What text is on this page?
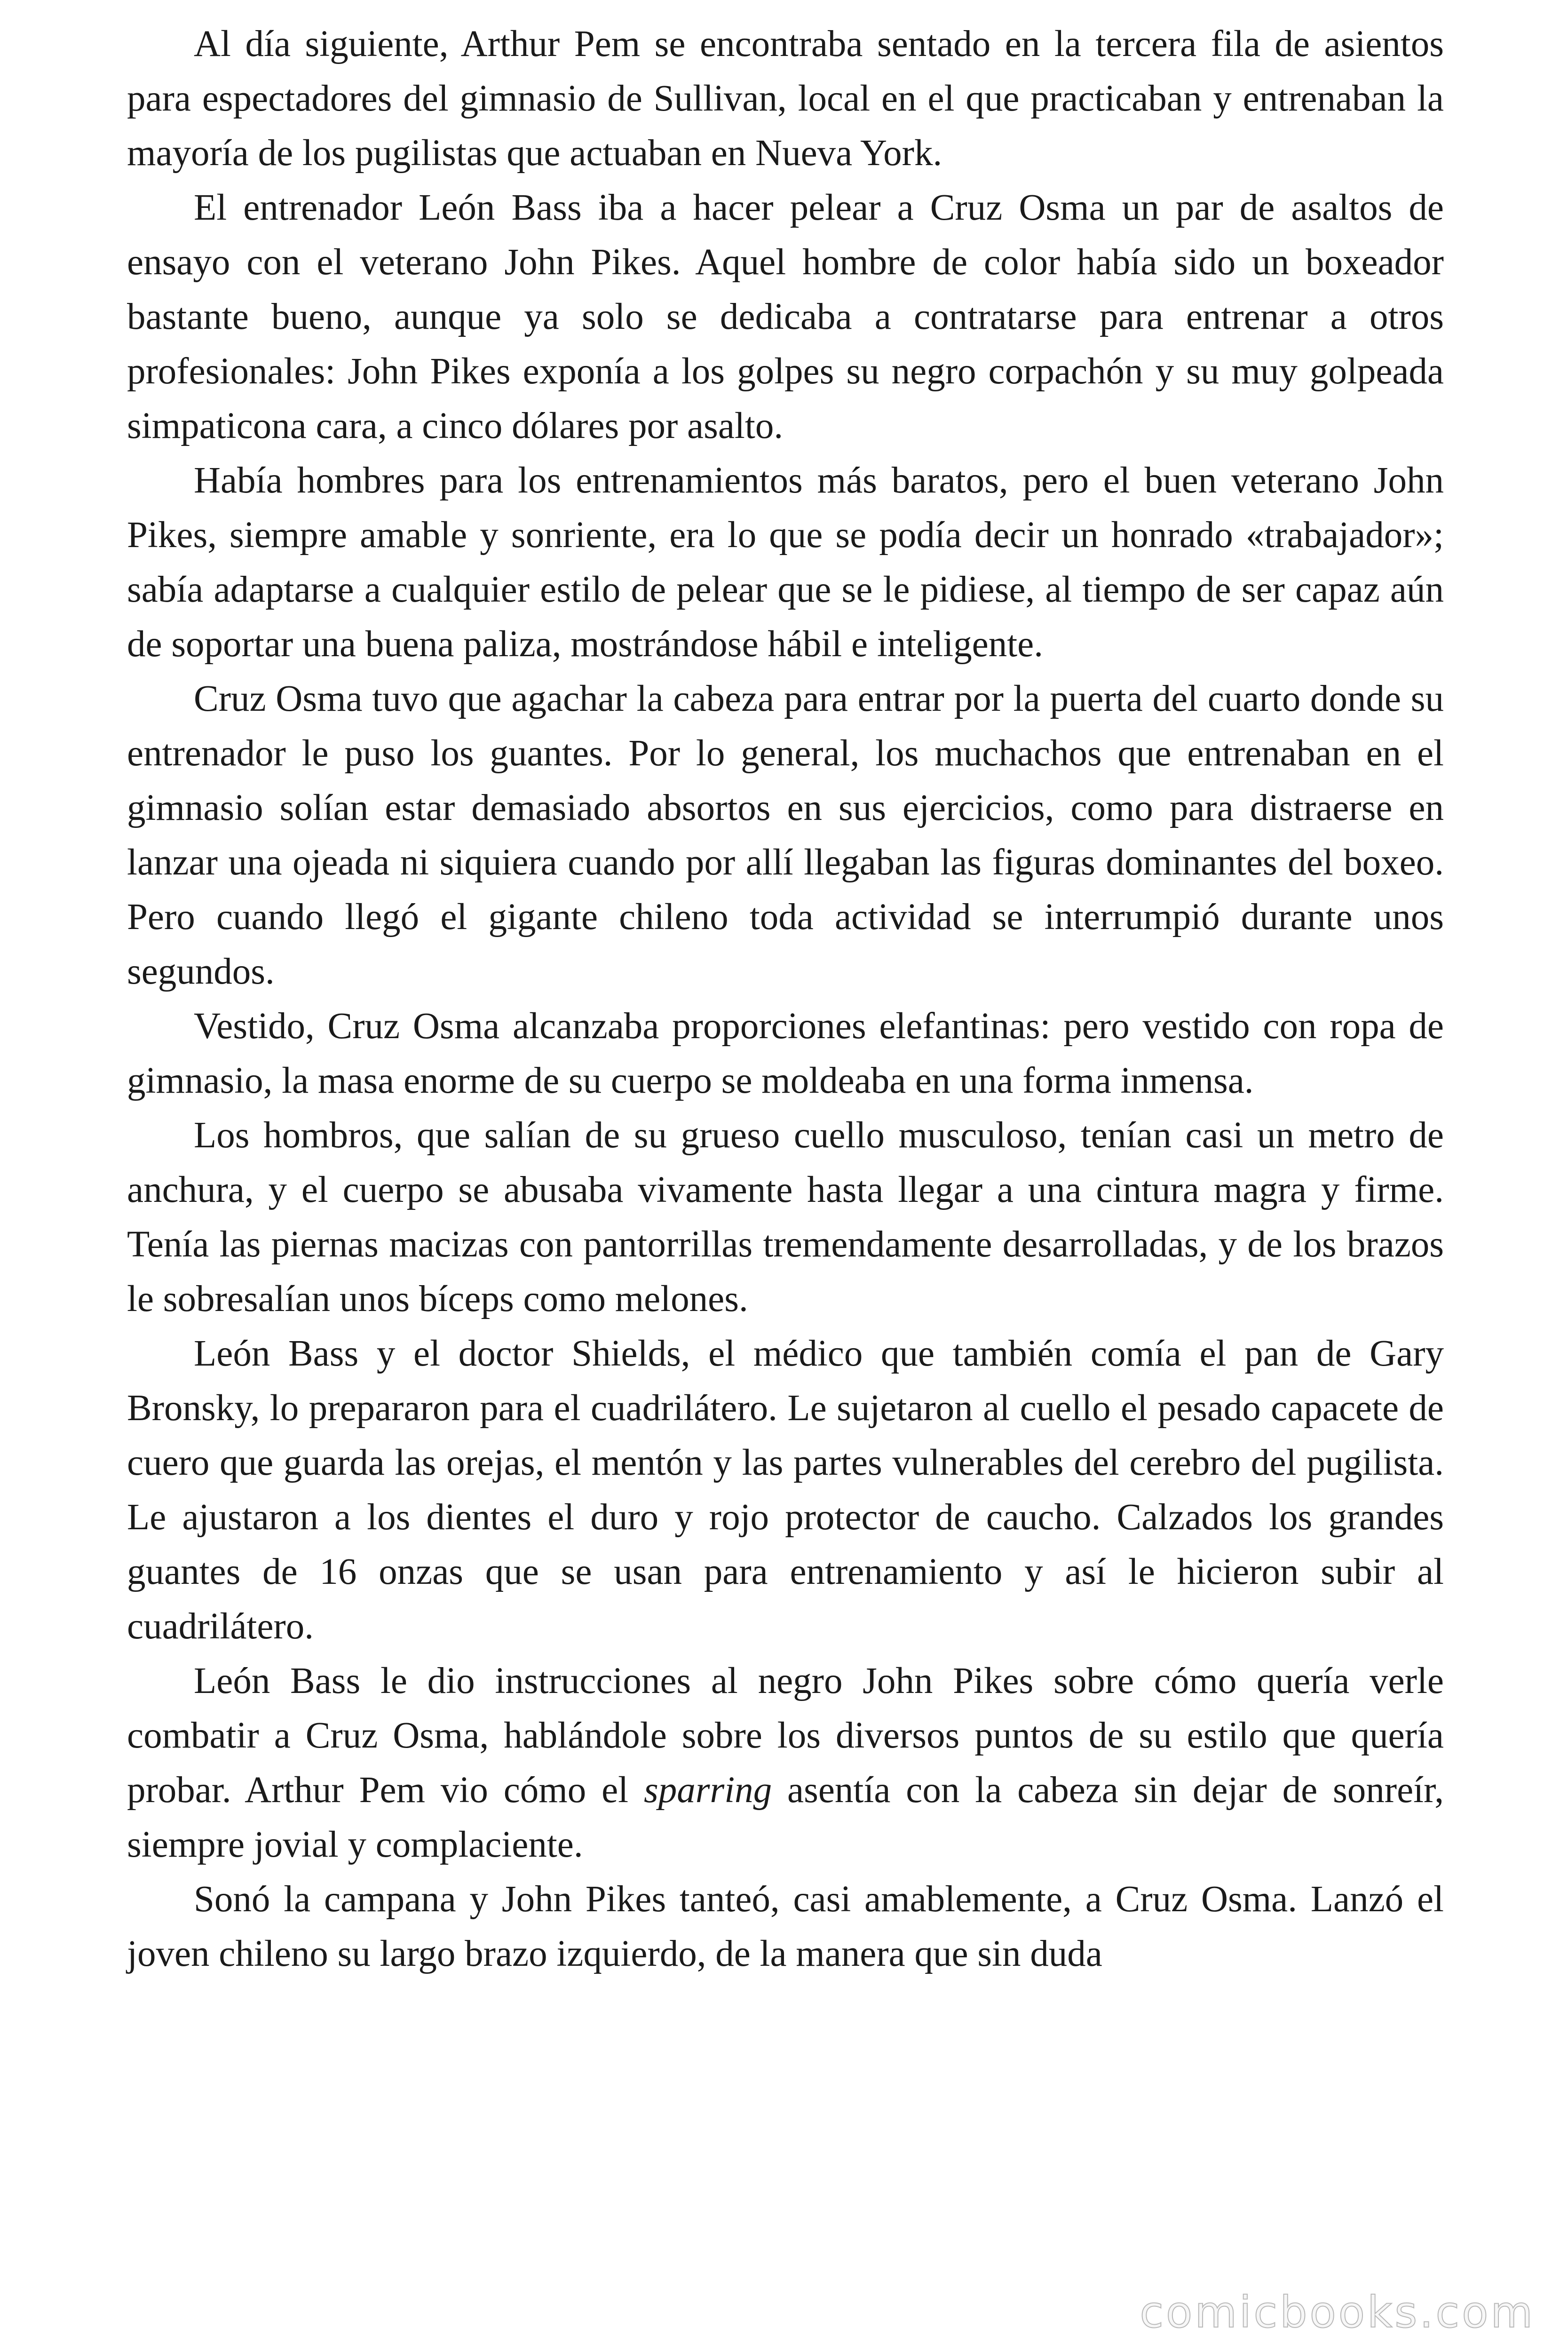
Al día siguiente, Arthur Pem se encontraba sentado en la tercera fila de asientos para espectadores del gimnasio de Sullivan, local en el que practicaban y entrenaban la mayoría de los pugilistas que actuaban en Nueva York.

El entrenador León Bass iba a hacer pelear a Cruz Osma un par de asaltos de ensayo con el veterano John Pikes. Aquel hombre de color había sido un boxeador bastante bueno, aunque ya solo se dedicaba a contratarse para entrenar a otros profesionales: John Pikes exponía a los golpes su negro corpachón y su muy golpeada simpaticona cara, a cinco dólares por asalto.

Había hombres para los entrenamientos más baratos, pero el buen veterano John Pikes, siempre amable y sonriente, era lo que se podía decir un honrado «trabajador»; sabía adaptarse a cualquier estilo de pelear que se le pidiese, al tiempo de ser capaz aún de soportar una buena paliza, mostrándose hábil e inteligente.

Cruz Osma tuvo que agachar la cabeza para entrar por la puerta del cuarto donde su entrenador le puso los guantes. Por lo general, los muchachos que entrenaban en el gimnasio solían estar demasiado absortos en sus ejercicios, como para distraerse en lanzar una ojeada ni siquiera cuando por allí llegaban las figuras dominantes del boxeo. Pero cuando llegó el gigante chileno toda actividad se interrumpió durante unos segundos.

Vestido, Cruz Osma alcanzaba proporciones elefantinas: pero vestido con ropa de gimnasio, la masa enorme de su cuerpo se moldeaba en una forma inmensa.

Los hombros, que salían de su grueso cuello musculoso, tenían casi un metro de anchura, y el cuerpo se abusaba vivamente hasta llegar a una cintura magra y firme. Tenía las piernas macizas con pantorrillas tremendamente desarrolladas, y de los brazos le sobresalían unos bíceps como melones.

León Bass y el doctor Shields, el médico que también comía el pan de Gary Bronsky, lo prepararon para el cuadrilátero. Le sujetaron al cuello el pesado capacete de cuero que guarda las orejas, el mentón y las partes vulnerables del cerebro del pugilista. Le ajustaron a los dientes el duro y rojo protector de caucho. Calzados los grandes guantes de 16 onzas que se usan para entrenamiento y así le hicieron subir al cuadrilátero.

León Bass le dio instrucciones al negro John Pikes sobre cómo quería verle combatir a Cruz Osma, hablándole sobre los diversos puntos de su estilo que quería probar. Arthur Pem vio cómo el sparring asentía con la cabeza sin dejar de sonreír, siempre jovial y complaciente.

Sonó la campana y John Pikes tanteó, casi amablemente, a Cruz Osma. Lanzó el joven chileno su largo brazo izquierdo, de la manera que sin duda

comicbooks.com
